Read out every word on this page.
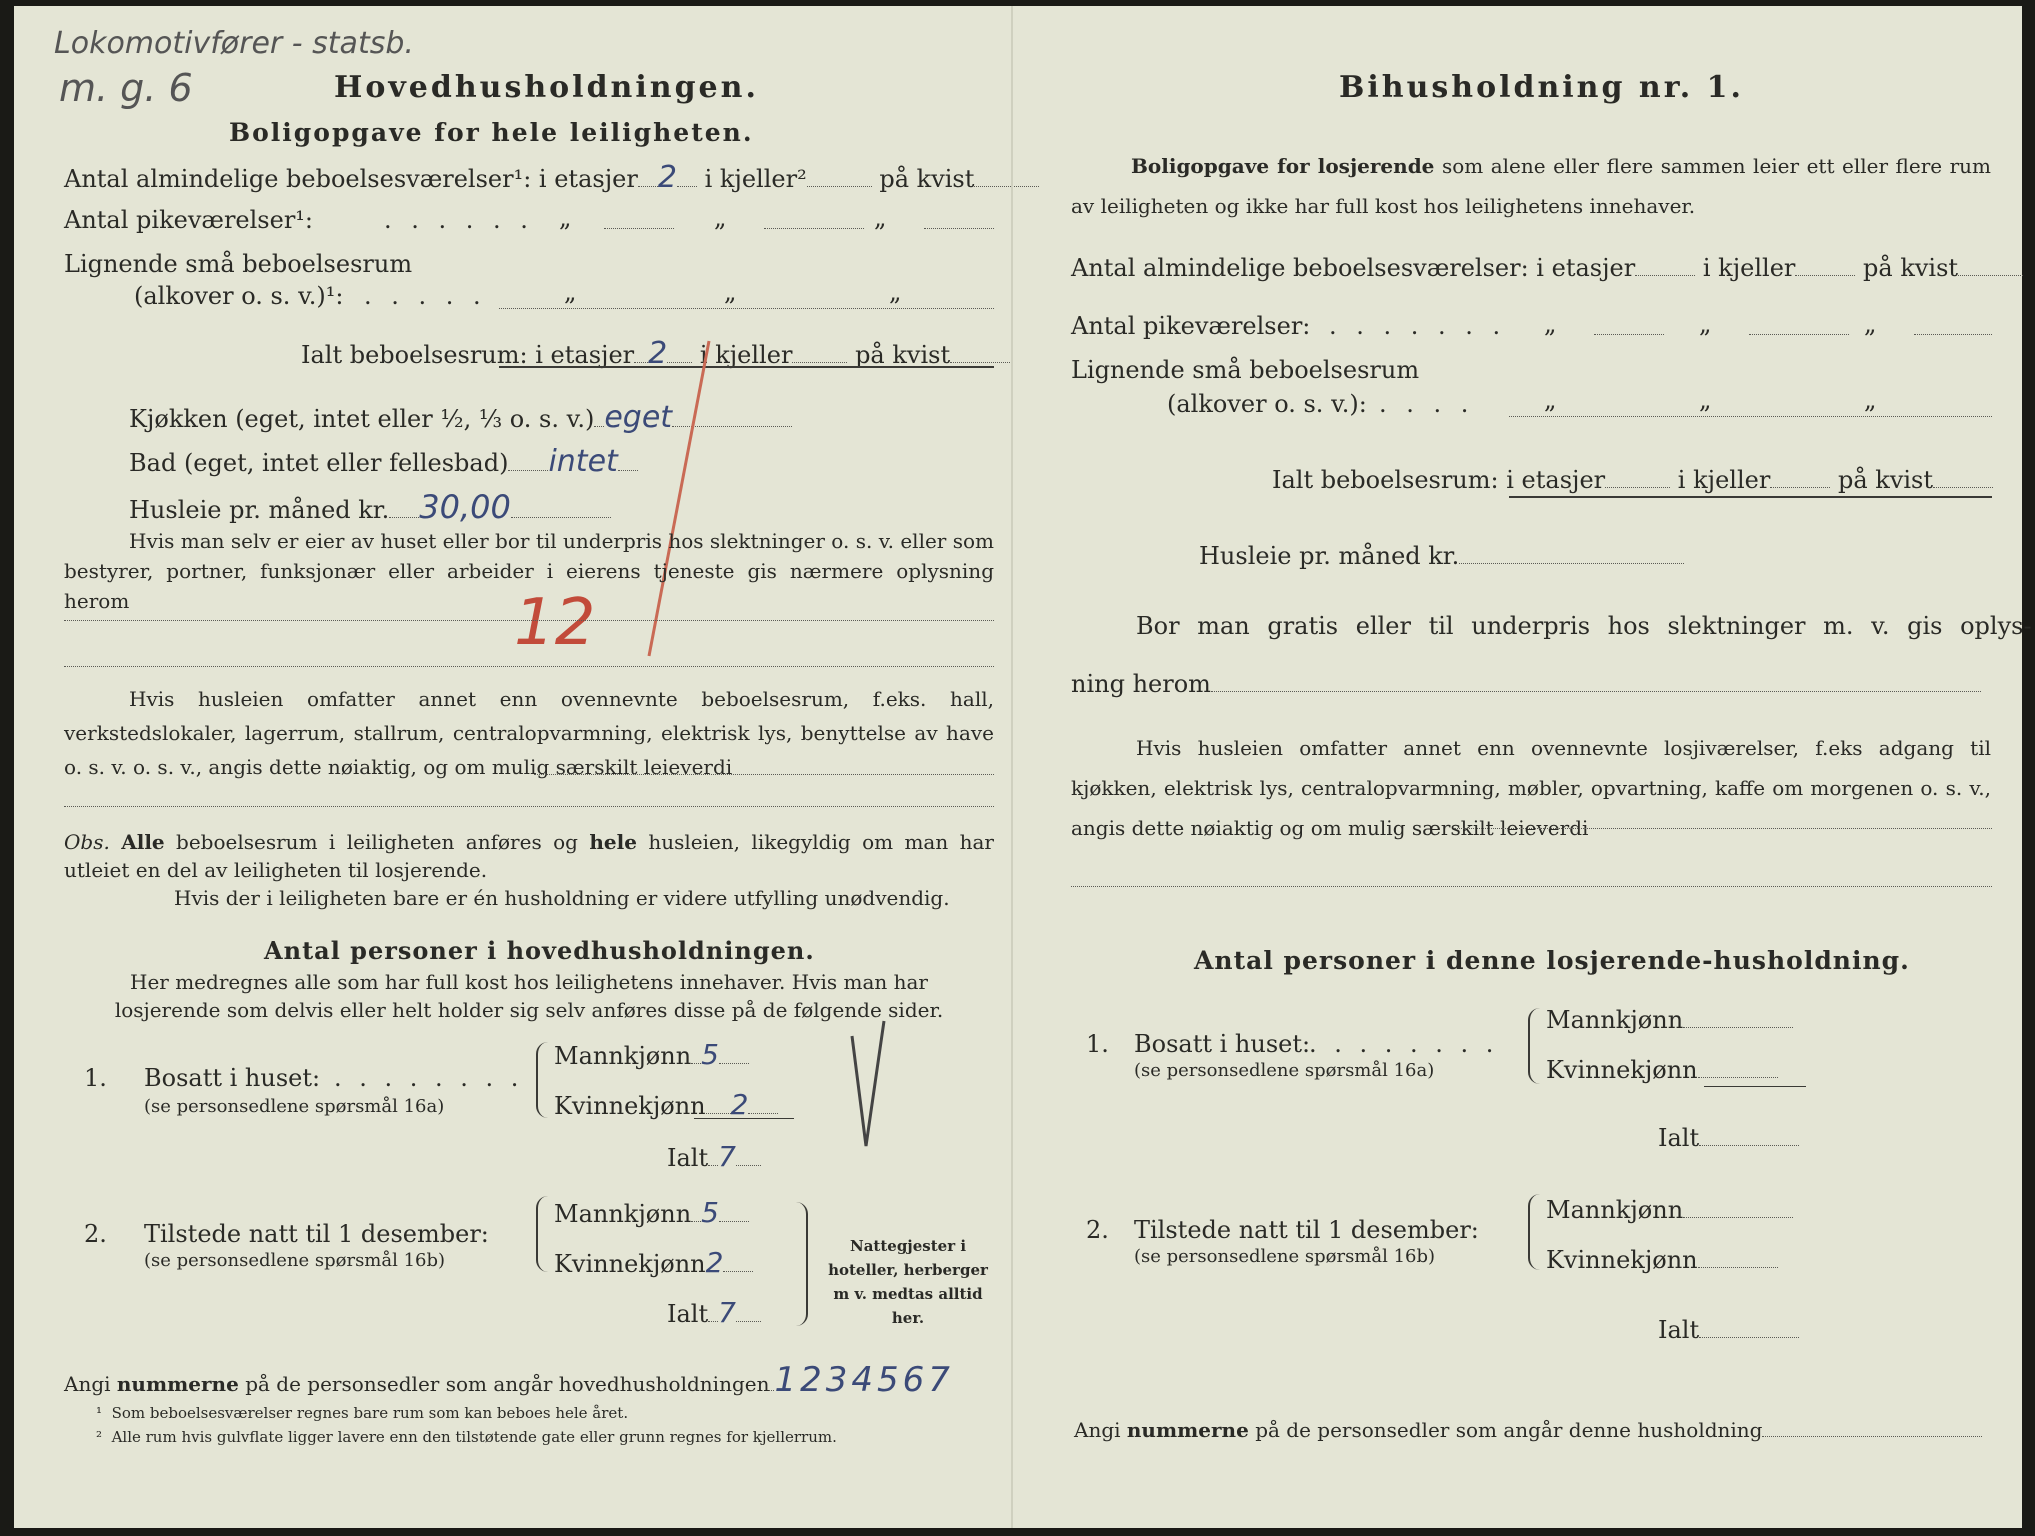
Lokomotivfører - statsb.
m. g. 6	Hovedhusholdningen.
Boligopgave for hele leiligheten.
Antal almindelige beboelsesværelser¹: i etasjer 2 i kjeller²	på kvist
Antal pikeværelser¹:	. . . . . . „	„	„
Lignende små beboelsesrum
(alkover o. s. v.)¹: . . . . .	„	„	„
Ialt beboelsesrum: i etasjer 2 i kjeller	på kvist
Kjøkken (eget, intet eller ½, ⅓ o. s. v.) eget
Bad (eget, intet eller fellesbad) intet
Husleie pr. måned kr. 30,00
12
Hvis man selv er eier av huset eller bor til underpris hos slektninger o. s. v. eller som bestyrer, portner, funksjonær eller arbeider i eierens tjeneste gis nærmere oplysning herom
Hvis husleien omfatter annet enn ovennevnte beboelsesrum, f.eks. hall, verkstedslokaler, lagerrum, stallrum, centralopvarmning, elektrisk lys, benyttelse av have o. s. v. o. s. v., angis dette nøiaktig, og om mulig særskilt leieverdi
Obs. Alle beboelsesrum i leiligheten anføres og hele husleien, likegyldig om man har utleiet en del av leiligheten til losjerende.
Hvis der i leiligheten bare er én husholdning er videre utfylling unødvendig.
Antal personer i hovedhusholdningen.
Her medregnes alle som har full kost hos leilighetens innehaver. Hvis man har losjerende som delvis eller helt holder sig selv anføres disse på de følgende sider.
1. Bosatt i huset: . . . . . . . .
(se personsedlene spørsmål 16a)
Mannkjønn 5
Kvinnekjønn 2
Ialt 7
2. Tilstede natt til 1 desember:
(se personsedlene spørsmål 16b)
Mannkjønn 5
Kvinnekjønn2
Ialt 7
Nattegjester i hoteller, herberger m v. medtas alltid her.
Angi nummerne på de personsedler som angår hovedhusholdningen 1234567
¹ Som beboelsesværelser regnes bare rum som kan beboes hele året.
² Alle rum hvis gulvflate ligger lavere enn den tilstøtende gate eller grunn regnes for kjellerrum.
Bihusholdning nr. 1.
Boligopgave for losjerende som alene eller flere sammen leier ett eller flere rum av leiligheten og ikke har full kost hos leilighetens innehaver.
Antal almindelige beboelsesværelser: i etasjer	i kjeller	på kvist
Antal pikeværelser: . . . . . . . „	„	„
Lignende små beboelsesrum
(alkover o. s. v.): . . . .	„	„	„
Ialt beboelsesrum: i etasjer	i kjeller	på kvist
Husleie pr. måned kr.
Bor man gratis eller til underpris hos slektninger m. v. gis oplys-
ning herom
Hvis husleien omfatter annet enn ovennevnte losjiværelser, f.eks adgang til kjøkken, elektrisk lys, centralopvarmning, møbler, opvartning, kaffe om morgenen o. s. v., angis dette nøiaktig og om mulig særskilt leieverdi
Antal personer i denne losjerende-husholdning.
1. Bosatt i huset:
. . . . . . . .
(se personsedlene spørsmål 16a)
Mannkjønn
Kvinnekjønn
Ialt
2. Tilstede natt til 1 desember:
(se personsedlene spørsmål 16b)
Mannkjønn
Kvinnekjønn
Ialt
Angi nummerne på de personsedler som angår denne husholdning
